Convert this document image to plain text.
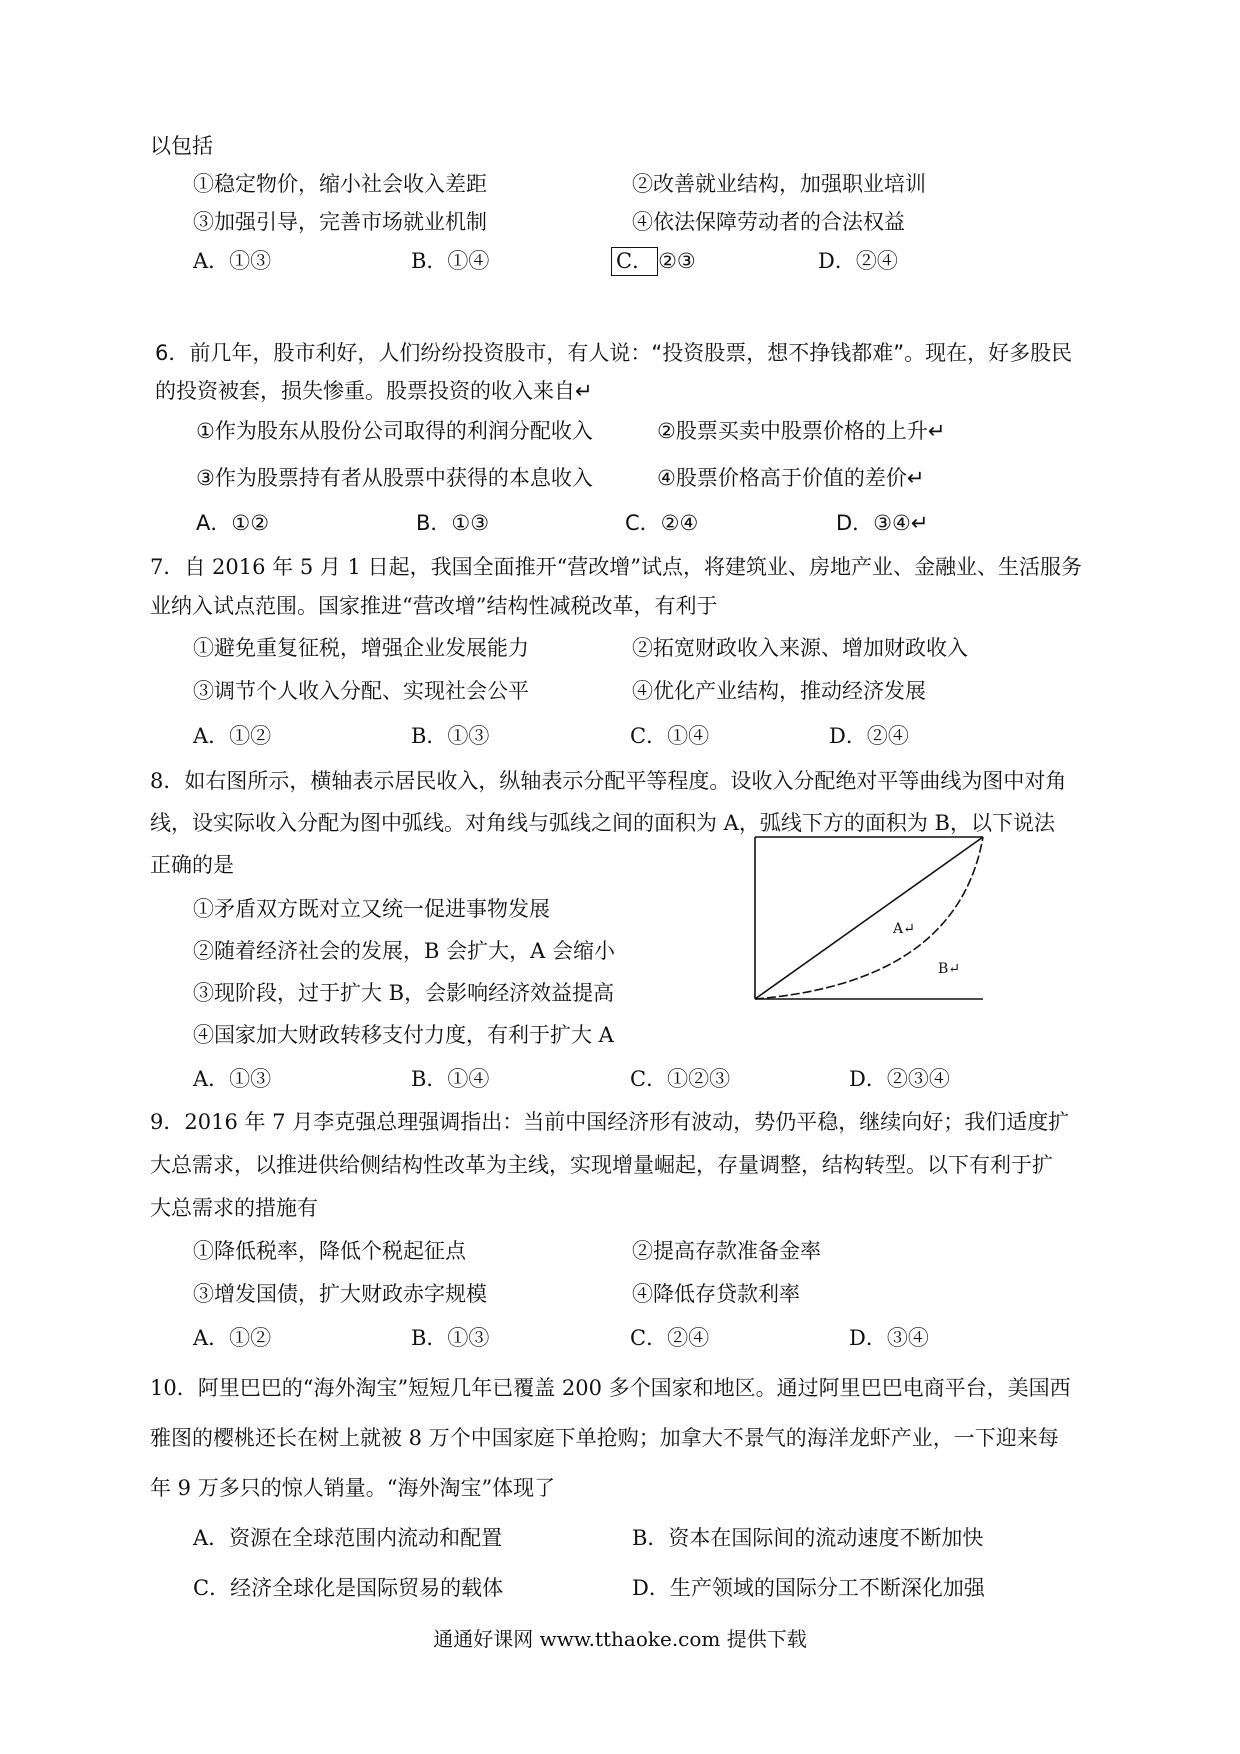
以包括
①稳定物价，缩小社会收入差距	②改善就业结构，加强职业培训
③加强引导，完善市场就业机制	④依法保障劳动者的合法权益
A．①③	B．①④	C． ②③	D．②④
6．前几年，股市利好，人们纷纷投资股市，有人说：“投资股票，想不挣钱都难”。现在，好多股民
的投资被套，损失惨重。股票投资的收入来自↵
①作为股东从股份公司取得的利润分配收入	②股票买卖中股票价格的上升↵
③作为股票持有者从股票中获得的本息收入	④股票价格高于价值的差价↵
A．①②	B．①③	C．②④	D．③④↵
7．自 2016 年 5 月 1 日起，我国全面推开“营改增”试点，将建筑业、房地产业、金融业、生活服务
业纳入试点范围。国家推进“营改增”结构性减税改革，有利于
①避免重复征税，增强企业发展能力	②拓宽财政收入来源、增加财政收入
③调节个人收入分配、实现社会公平	④优化产业结构，推动经济发展
A．①②	B．①③	C．①④	D．②④
8．如右图所示，横轴表示居民收入，纵轴表示分配平等程度。设收入分配绝对平等曲线为图中对角
线，设实际收入分配为图中弧线。对角线与弧线之间的面积为 A，弧线下方的面积为 B，以下说法
正确的是
①矛盾双方既对立又统一促进事物发展
②随着经济社会的发展，B 会扩大，A 会缩小
③现阶段，过于扩大 B，会影响经济效益提高
④国家加大财政转移支付力度，有利于扩大 A
A．①③	B．①④	C．①②③	D．②③④
A↵
B↵
9．2016 年 7 月李克强总理强调指出：当前中国经济形有波动，势仍平稳，继续向好；我们适度扩
大总需求，以推进供给侧结构性改革为主线，实现增量崛起，存量调整，结构转型。以下有利于扩
大总需求的措施有
①降低税率，降低个税起征点	②提高存款准备金率
③增发国债，扩大财政赤字规模	④降低存贷款利率
A．①②	B．①③	C．②④	D．③④
10．阿里巴巴的“海外淘宝”短短几年已覆盖 200 多个国家和地区。通过阿里巴巴电商平台，美国西
雅图的樱桃还长在树上就被 8 万个中国家庭下单抢购；加拿大不景气的海洋龙虾产业，一下迎来每
年 9 万多只的惊人销量。“海外淘宝”体现了
A．资源在全球范围内流动和配置	B．资本在国际间的流动速度不断加快
C．经济全球化是国际贸易的载体	D．生产领域的国际分工不断深化加强
通通好课网 www.tthaoke.com 提供下载
